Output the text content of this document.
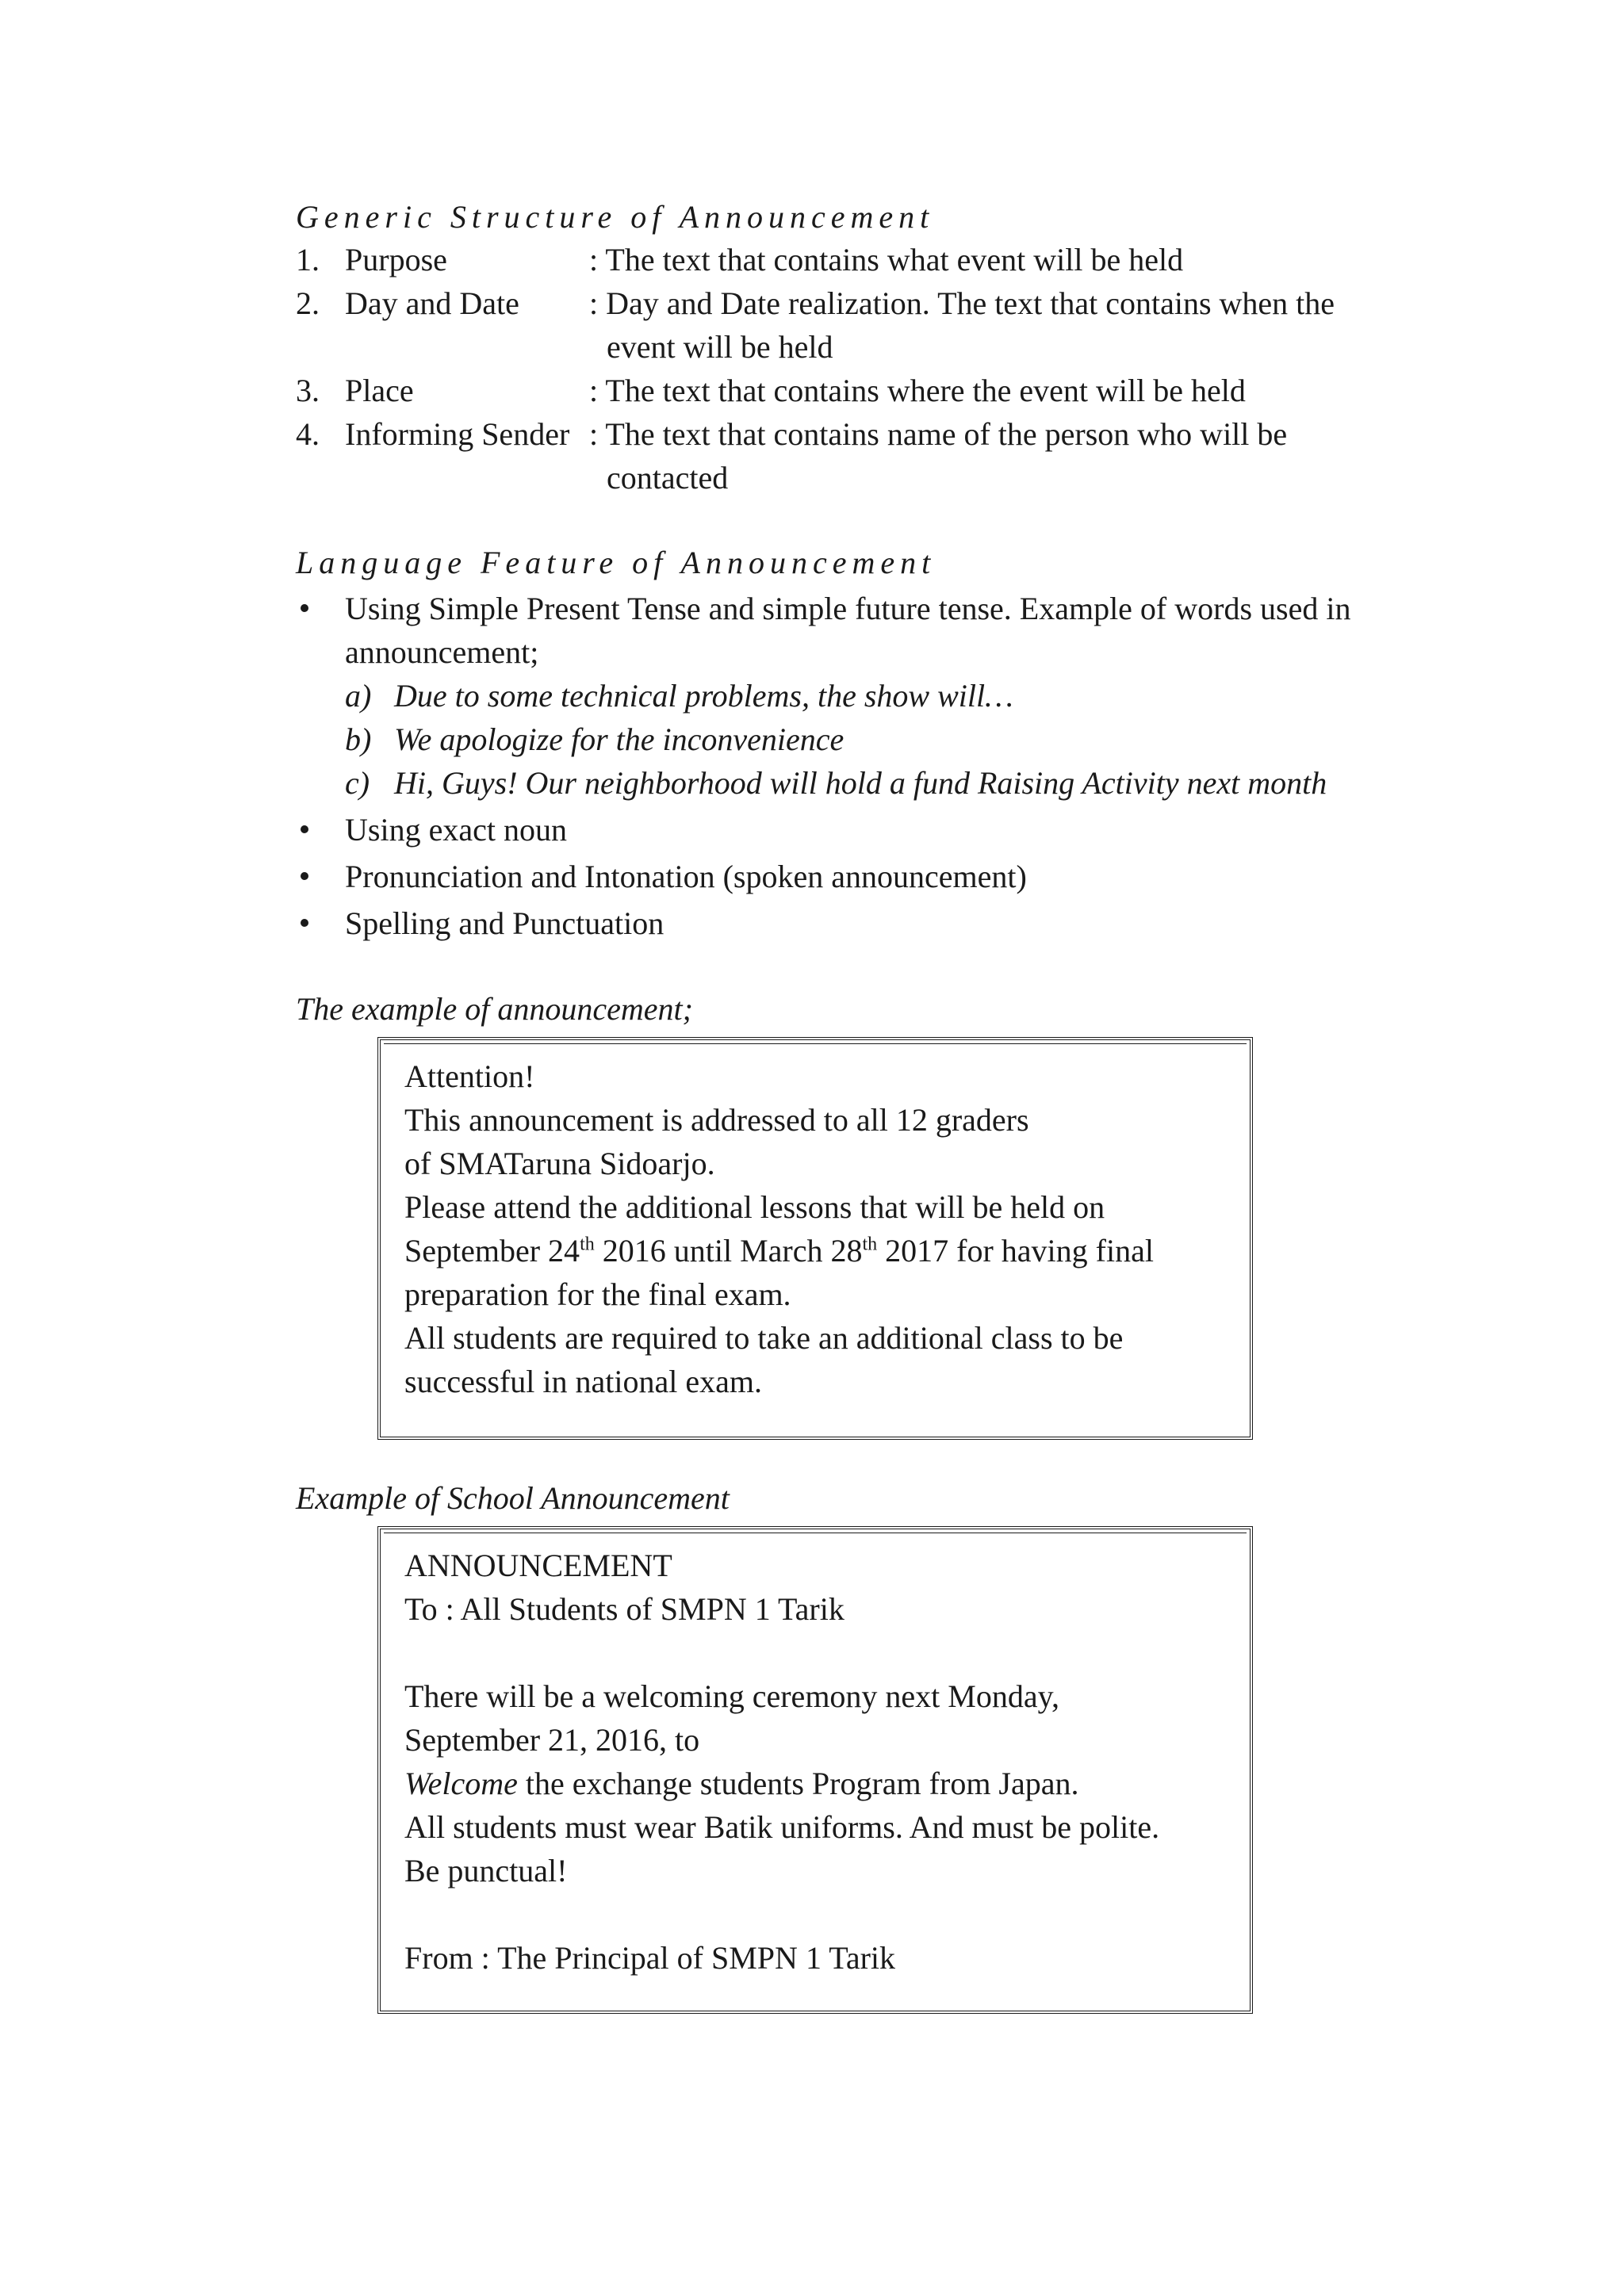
Generic Structure of Announcement
1. Purpose	: The text that contains what event will be held
2. Day and Date	: Day and Date realization. The text that contains when the event will be held
3. Place	: The text that contains where the event will be held
4. Informing Sender : The text that contains name of the person who will be contacted
Language Feature of Announcement
Using Simple Present Tense and simple future tense. Example of words used in announcement;
a) Due to some technical problems, the show will…
b) We apologize for the inconvenience
c) Hi, Guys! Our neighborhood will hold a fund Raising Activity next month
Using exact noun
Pronunciation and Intonation (spoken announcement)
Spelling and Punctuation
The example of announcement;
Attention!
This announcement is addressed to all 12 graders
of SMATaruna Sidoarjo.
Please attend the additional lessons that will be held on
September 24th 2016 until March 28th 2017 for having final
preparation for the final exam.
All students are required to take an additional class to be
successful in national exam.
Example of School Announcement
ANNOUNCEMENT
To : All Students of SMPN 1 Tarik
There will be a welcoming ceremony next Monday,
September 21, 2016, to
Welcome the exchange students Program from Japan.
All students must wear Batik uniforms. And must be polite.
Be punctual!
From : The Principal of SMPN 1 Tarik
